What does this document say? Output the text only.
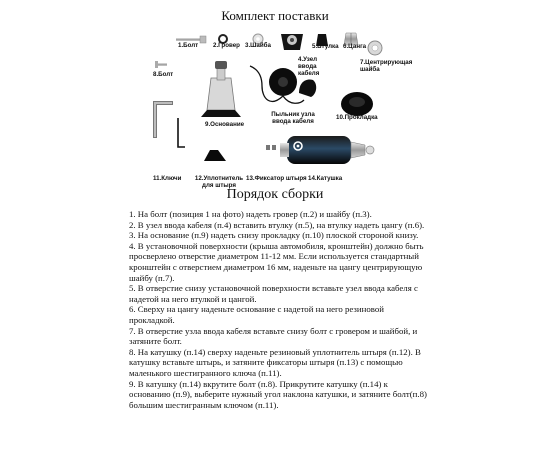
Комплект поставки
1.Болт 2.Гровер 3.Шайба
4.Узел ввода кабеля
5.Втулка 6.Цанга
7.Центрирующая шайба
8.Болт
9.Основание
Пыльник узла ввода кабеля
10.Прокладка
11.Ключи	12.Уплотнитель для штыря
13.Фиксатор штыря 14.Катушка
Optim
Порядок сборки

1. На болт (позиция 1 на фото) надеть гровер (п.2) и шайбу (п.3).

2. В узел ввода кабеля (п.4) вставить втулку (п.5), на втулку надеть цангу (п.6).

3. На основание (п.9) надеть снизу прокладку (п.10) плоской стороной книзу.

4. В установочной поверхности (крыша автомобиля, кронштейн) должно быть просверлено отверстие диаметром 11-12 мм. Если используется стандартный кронштейн с отверстием диаметром 16 мм, наденьте на цангу центрирующую шайбу (п.7).

5. В отверстие снизу установочной поверхности вставьте узел ввода кабеля с надетой на него втулкой и цангой.

6. Сверху на цангу наденьте основание с надетой на него резиновой прокладкой.

7. В отверстие узла ввода кабеля вставьте снизу болт с гровером и шайбой, и затяните болт.

8. На катушку (п.14) сверху наденьте резиновый уплотнитель штыря (п.12). В катушку вставьте штырь, и затяните фиксаторы штыря (п.13) с помощью маленького шестигранного ключа (п.11).

9. В катушку (п.14) вкрутите болт (п.8). Прикрутите катушку (п.14) к основанию (п.9), выберите нужный угол наклона катушки, и затяните болт(п.8) большим шестигранным ключом (п.11).
